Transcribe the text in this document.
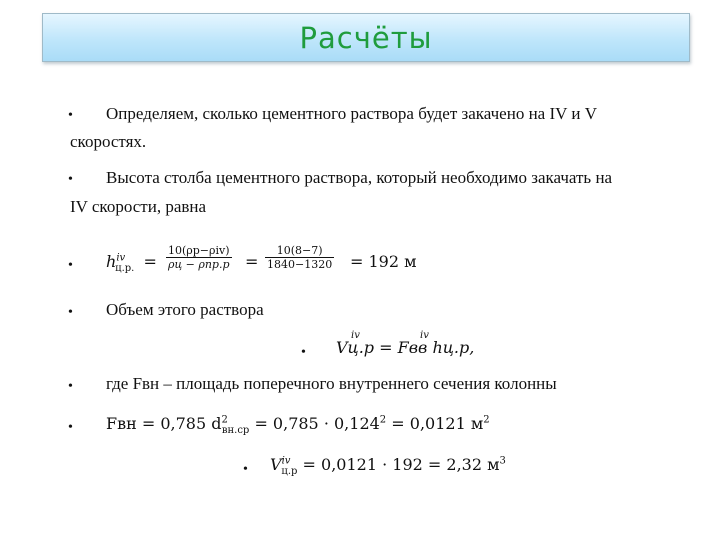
Расчёты
• Определяем, сколько цементного раствора будет закачено на IV и V
скоростях.
• Высота столба цементного раствора, который необходимо закачать на
IV скорости, равна
• $h^{iv}_{ц.р.}$ =
10(ρр−ρiv)
$\rho ц - \rho пр.р = \frac{10(8-7)}{1840-1320} = 192$ м
• Объем этого раствора
• Vц.р = Fвв hц.р,
iv	iv
• где Fвн – площадь поперечного внутреннего сечения колонны
• Fвн = 0,785 $d^2_{вн.ср} = 0,785 \cdot 0,124^2 = 0,0121$ $м^2$
• $V^{iv}_{ц.р} = 0,0121 \cdot 192 = 2,32$ $м^3$
